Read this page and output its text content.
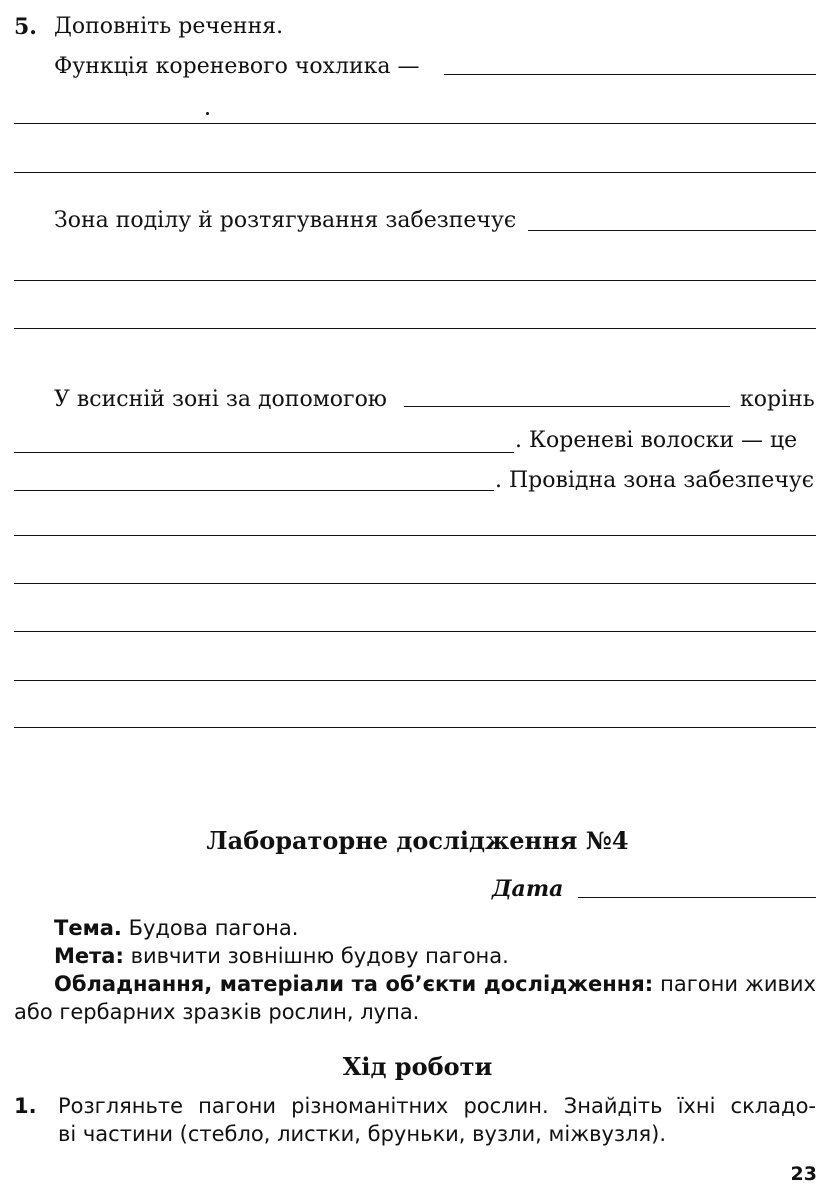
5. Доповніть речення.
Функція кореневого чохлика —
Зона поділу й розтягування забезпечує
У всисній зоні за допомогою	корінь
. Кореневі волоски — це
. Провідна зона забезпечує
Лабораторне дослідження №4
Дата
Тема. Будова пагона.
Мета: вивчити зовнішню будову пагона.
Обладнання, матеріали та об’єкти дослідження: пагони живих
або гербарних зразків рослин, лупа.
Хід роботи
1. Розгляньте пагони різноманітних рослин. Знайдіть їхні складо-
ві частини (стебло, листки, бруньки, вузли, міжвузля).
23
